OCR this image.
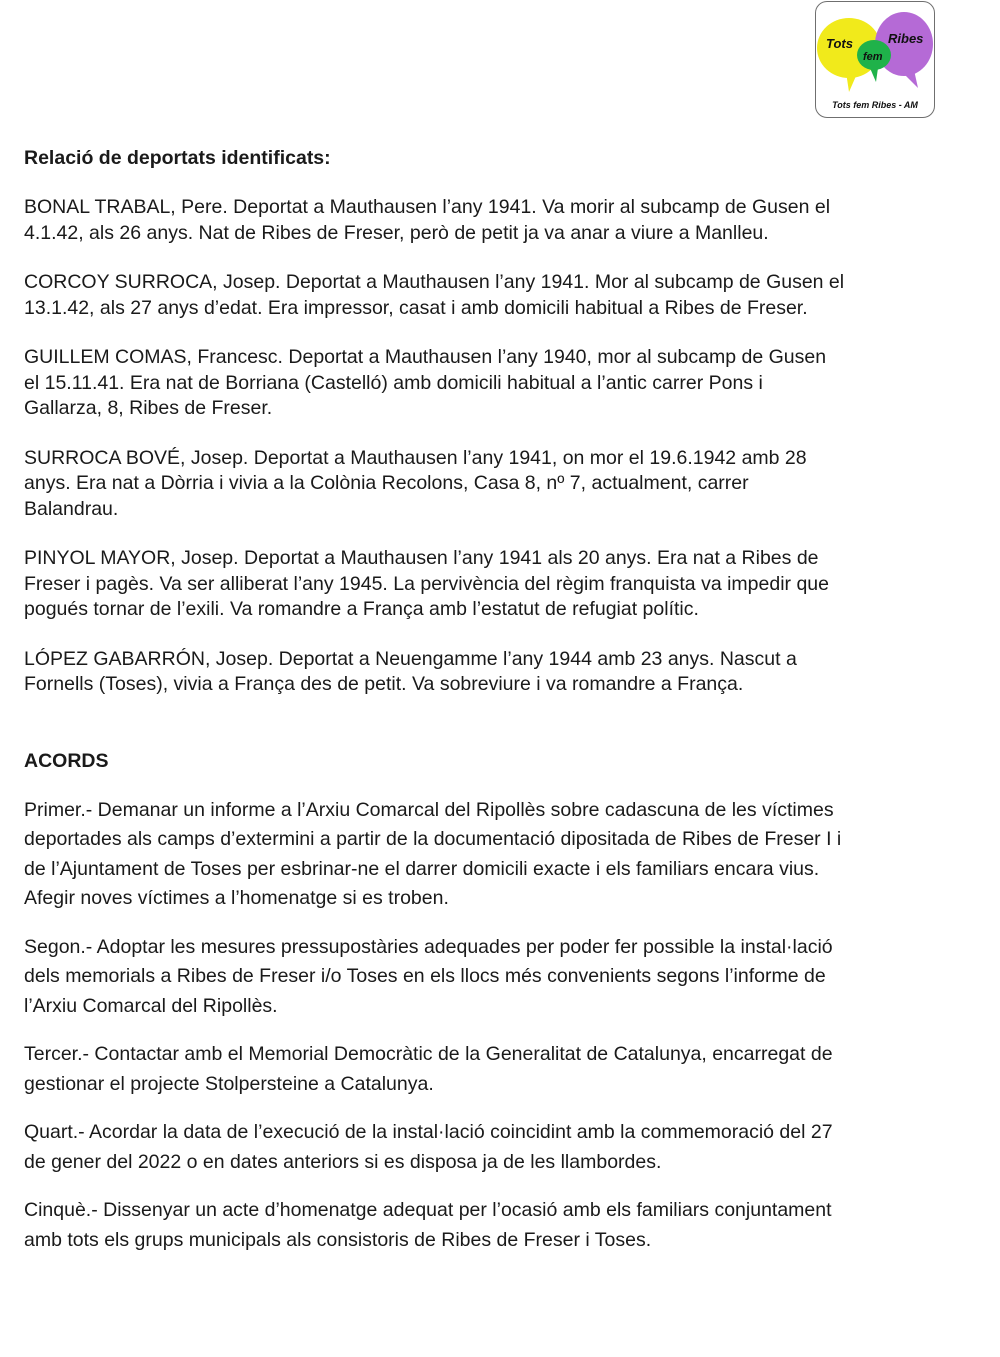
Tots
fem
Ribes
Tots fem Ribes - AM
Relació de deportats identificats:

BONAL TRABAL, Pere. Deportat a Mauthausen l’any 1941. Va morir al subcamp de Gusen el
4.1.42, als 26 anys. Nat de Ribes de Freser, però de petit ja va anar a viure a Manlleu.

CORCOY SURROCA, Josep. Deportat a Mauthausen l’any 1941. Mor al subcamp de Gusen el
13.1.42, als 27 anys d’edat. Era impressor, casat i amb domicili habitual a Ribes de Freser.

GUILLEM COMAS, Francesc. Deportat a Mauthausen l’any 1940, mor al subcamp de Gusen
el 15.11.41. Era nat de Borriana (Castelló) amb domicili habitual a l’antic carrer Pons i
Gallarza, 8, Ribes de Freser.

SURROCA BOVÉ, Josep. Deportat a Mauthausen l’any 1941, on mor el 19.6.1942 amb 28
anys. Era nat a Dòrria i vivia a la Colònia Recolons, Casa 8, nº 7, actualment, carrer
Balandrau.

PINYOL MAYOR, Josep. Deportat a Mauthausen l’any 1941 als 20 anys. Era nat a Ribes de
Freser i pagès. Va ser alliberat l’any 1945. La pervivència del règim franquista va impedir que
pogués tornar de l’exili. Va romandre a França amb l’estatut de refugiat polític.

LÓPEZ GABARRÓN, Josep. Deportat a Neuengamme l’any 1944 amb 23 anys. Nascut a
Fornells (Toses), vivia a França des de petit. Va sobreviure i va romandre a França.

ACORDS

Primer.- Demanar un informe a l’Arxiu Comarcal del Ripollès sobre cadascuna de les víctimes
deportades als camps d’extermini a partir de la documentació dipositada de Ribes de Freser I i
de l’Ajuntament de Toses per esbrinar-ne el darrer domicili exacte i els familiars encara vius.
Afegir noves víctimes a l’homenatge si es troben.

Segon.- Adoptar les mesures pressupostàries adequades per poder fer possible la instal·lació
dels memorials a Ribes de Freser i/o Toses en els llocs més convenients segons l’informe de
l’Arxiu Comarcal del Ripollès.

Tercer.- Contactar amb el Memorial Democràtic de la Generalitat de Catalunya, encarregat de
gestionar el projecte Stolpersteine a Catalunya.

Quart.- Acordar la data de l’execució de la instal·lació coincidint amb la commemoració del 27
de gener del 2022 o en dates anteriors si es disposa ja de les llambordes.

Cinquè.- Dissenyar un acte d’homenatge adequat per l’ocasió amb els familiars conjuntament
amb tots els grups municipals als consistoris de Ribes de Freser i Toses.
